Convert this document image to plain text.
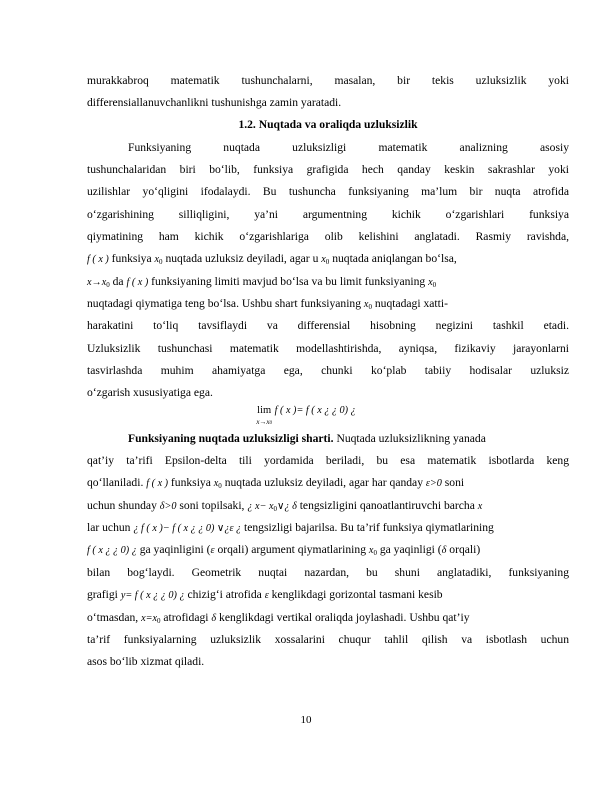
murakkabroq matematik tushunchalarni, masalan, bir tekis uzluksizlik yoki
differensiallanuvchanlikni tushunishga zamin yaratadi.
1.2. Nuqtada va oraliqda uzluksizlik
Funksiyaning nuqtada uzluksizligi matematik analizning asosiy
tushunchalaridan biri bo‘lib, funksiya grafigida hech qanday keskin sakrashlar yoki
uzilishlar yo‘qligini ifodalaydi. Bu tushuncha funksiyaning ma’lum bir nuqta atrofida
o‘zgarishining silliqligini, ya’ni argumentning kichik o‘zgarishlari funksiya
qiymatining ham kichik o‘zgarishlariga olib kelishini anglatadi. Rasmiy ravishda,
f ( x ) funksiya $x_0$ nuqtada uzluksiz deyiladi, agar u $x_0$ nuqtada aniqlangan bo‘lsa,
$x\to x_0$ da f ( x ) funksiyaning limiti mavjud bo‘lsa va bu limit funksiyaning $x_0$
nuqtadagi qiymatiga teng bo‘lsa. Ushbu shart funksiyaning $x_0$ nuqtadagi xatti-
harakatini to‘liq tavsiflaydi va differensial hisobning negizini tashkil etadi.
Uzluksizlik tushunchasi matematik modellashtirishda, ayniqsa, fizikaviy jarayonlarni
tasvirlashda muhim ahamiyatga ega, chunki ko‘plab tabiiy hodisalar uzluksiz
o‘zgarish xususiyatiga ega.
lim
x→x0 f ( x )= f ( x ¿ ¿ 0) ¿
Funksiyaning nuqtada uzluksizligi sharti. Nuqtada uzluksizlikning yanada
qat’iy ta’rifi Epsilon-delta tili yordamida beriladi, bu esa matematik isbotlarda keng
qo‘llaniladi. f ( x ) funksiya $x_0$ nuqtada uzluksiz deyiladi, agar har qanday ε>0 soni
uchun shunday δ>0 soni topilsaki, ¿ $x- x_0\vee¿$ δ tengsizligini qanoatlantiruvchi barcha x
lar uchun ¿ f ( x )− f ( x ¿ ¿ 0) ∨¿ε ¿ tengsizligi bajarilsa. Bu ta’rif funksiya qiymatlarining
f ( x ¿ ¿ 0) ¿ ga yaqinligini (ε orqali) argument qiymatlarining $x_0$ ga yaqinligi (δ orqali)
bilan bog‘laydi. Geometrik nuqtai nazardan, bu shuni anglatadiki, funksiyaning
grafigi y= f ( x ¿ ¿ 0) ¿ chizig‘i atrofida ε kenglikdagi gorizontal tasmani kesib
o‘tmasdan, $x=x_0$ atrofidagi δ kenglikdagi vertikal oraliqda joylashadi. Ushbu qat’iy
ta’rif funksiyalarning uzluksizlik xossalarini chuqur tahlil qilish va isbotlash uchun
asos bo‘lib xizmat qiladi.
10
